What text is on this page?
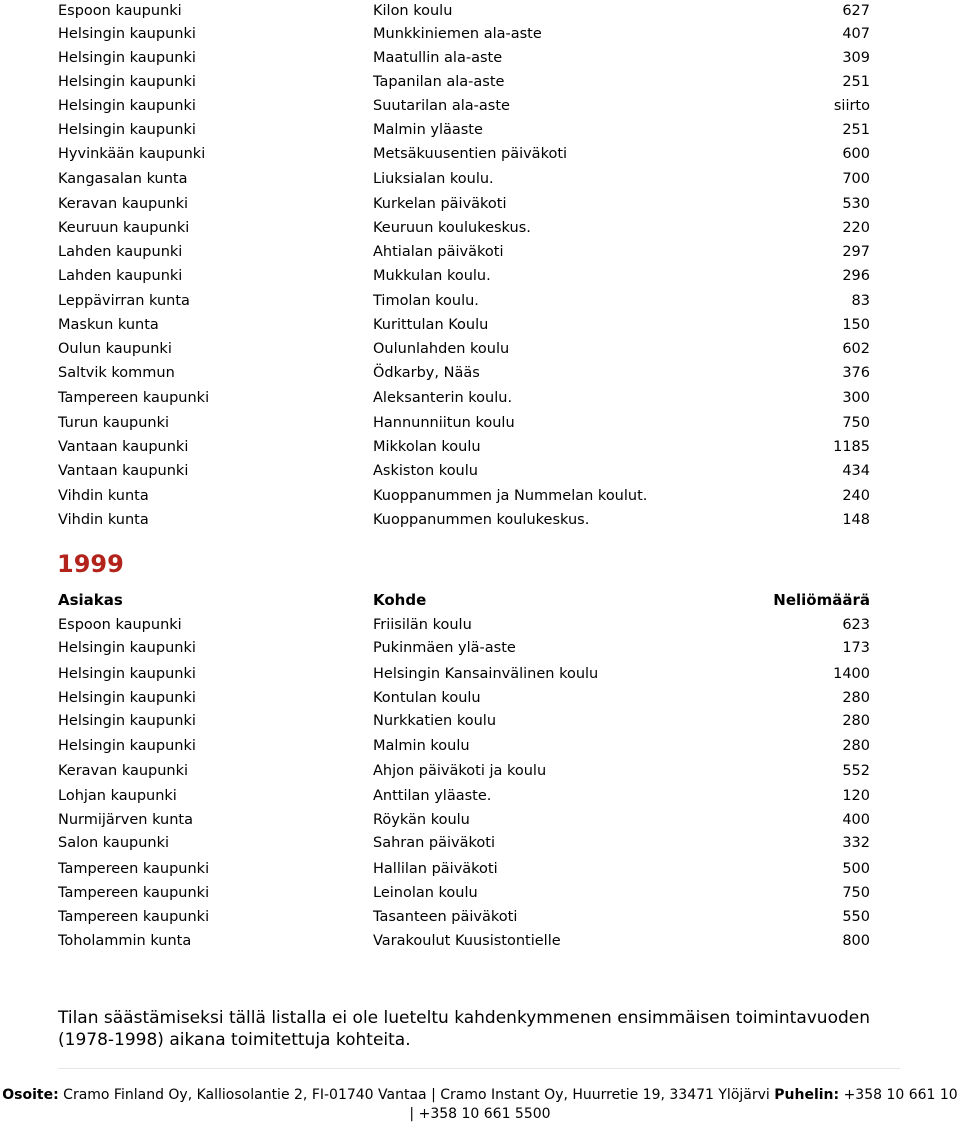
Espoon kaupunki	Kilon koulu	627
Helsingin kaupunki	Munkkiniemen ala-aste	407
Helsingin kaupunki	Maatullin ala-aste	309
Helsingin kaupunki	Tapanilan ala-aste	251
Helsingin kaupunki	Suutarilan ala-aste	siirto
Helsingin kaupunki	Malmin yläaste	251
Hyvinkään kaupunki	Metsäkuusentien päiväkoti	600
Kangasalan kunta	Liuksialan koulu.	700
Keravan kaupunki	Kurkelan päiväkoti	530
Keuruun kaupunki	Keuruun koulukeskus.	220
Lahden kaupunki	Ahtialan päiväkoti	297
Lahden kaupunki	Mukkulan koulu.	296
Leppävirran kunta	Timolan koulu.	83
Maskun kunta	Kurittulan Koulu	150
Oulun kaupunki	Oulunlahden koulu	602
Saltvik kommun	Ödkarby, Nääs	376
Tampereen kaupunki	Aleksanterin koulu.	300
Turun kaupunki	Hannunniitun koulu	750
Vantaan kaupunki	Mikkolan koulu	1185
Vantaan kaupunki	Askiston koulu	434
Vihdin kunta	Kuoppanummen ja Nummelan koulut.	240
Vihdin kunta	Kuoppanummen koulukeskus.	148
1999
Asiakas	Kohde	Neliömäärä
Espoon kaupunki	Friisilän koulu	623
Helsingin kaupunki	Pukinmäen ylä-aste	173
Helsingin kaupunki	Helsingin Kansainvälinen koulu	1400
Helsingin kaupunki	Kontulan koulu	280
Helsingin kaupunki	Nurkkatien koulu	280
Helsingin kaupunki	Malmin koulu	280
Keravan kaupunki	Ahjon päiväkoti ja koulu	552
Lohjan kaupunki	Anttilan yläaste.	120
Nurmijärven kunta	Röykän koulu	400
Salon kaupunki	Sahran päiväkoti	332
Tampereen kaupunki	Hallilan päiväkoti	500
Tampereen kaupunki	Leinolan koulu	750
Tampereen kaupunki	Tasanteen päiväkoti	550
Toholammin kunta	Varakoulut Kuusistontielle	800
Tilan säästämiseksi tällä listalla ei ole lueteltu kahdenkymmenen ensimmäisen toimintavuoden
(1978-1998) aikana toimitettuja kohteita.
Osoite: Cramo Finland Oy, Kalliosolantie 2, FI-01740 Vantaa | Cramo Instant Oy, Huurretie 19, 33471 Ylöjärvi Puhelin: +358 10 661 10 | +358 10 661 5500
